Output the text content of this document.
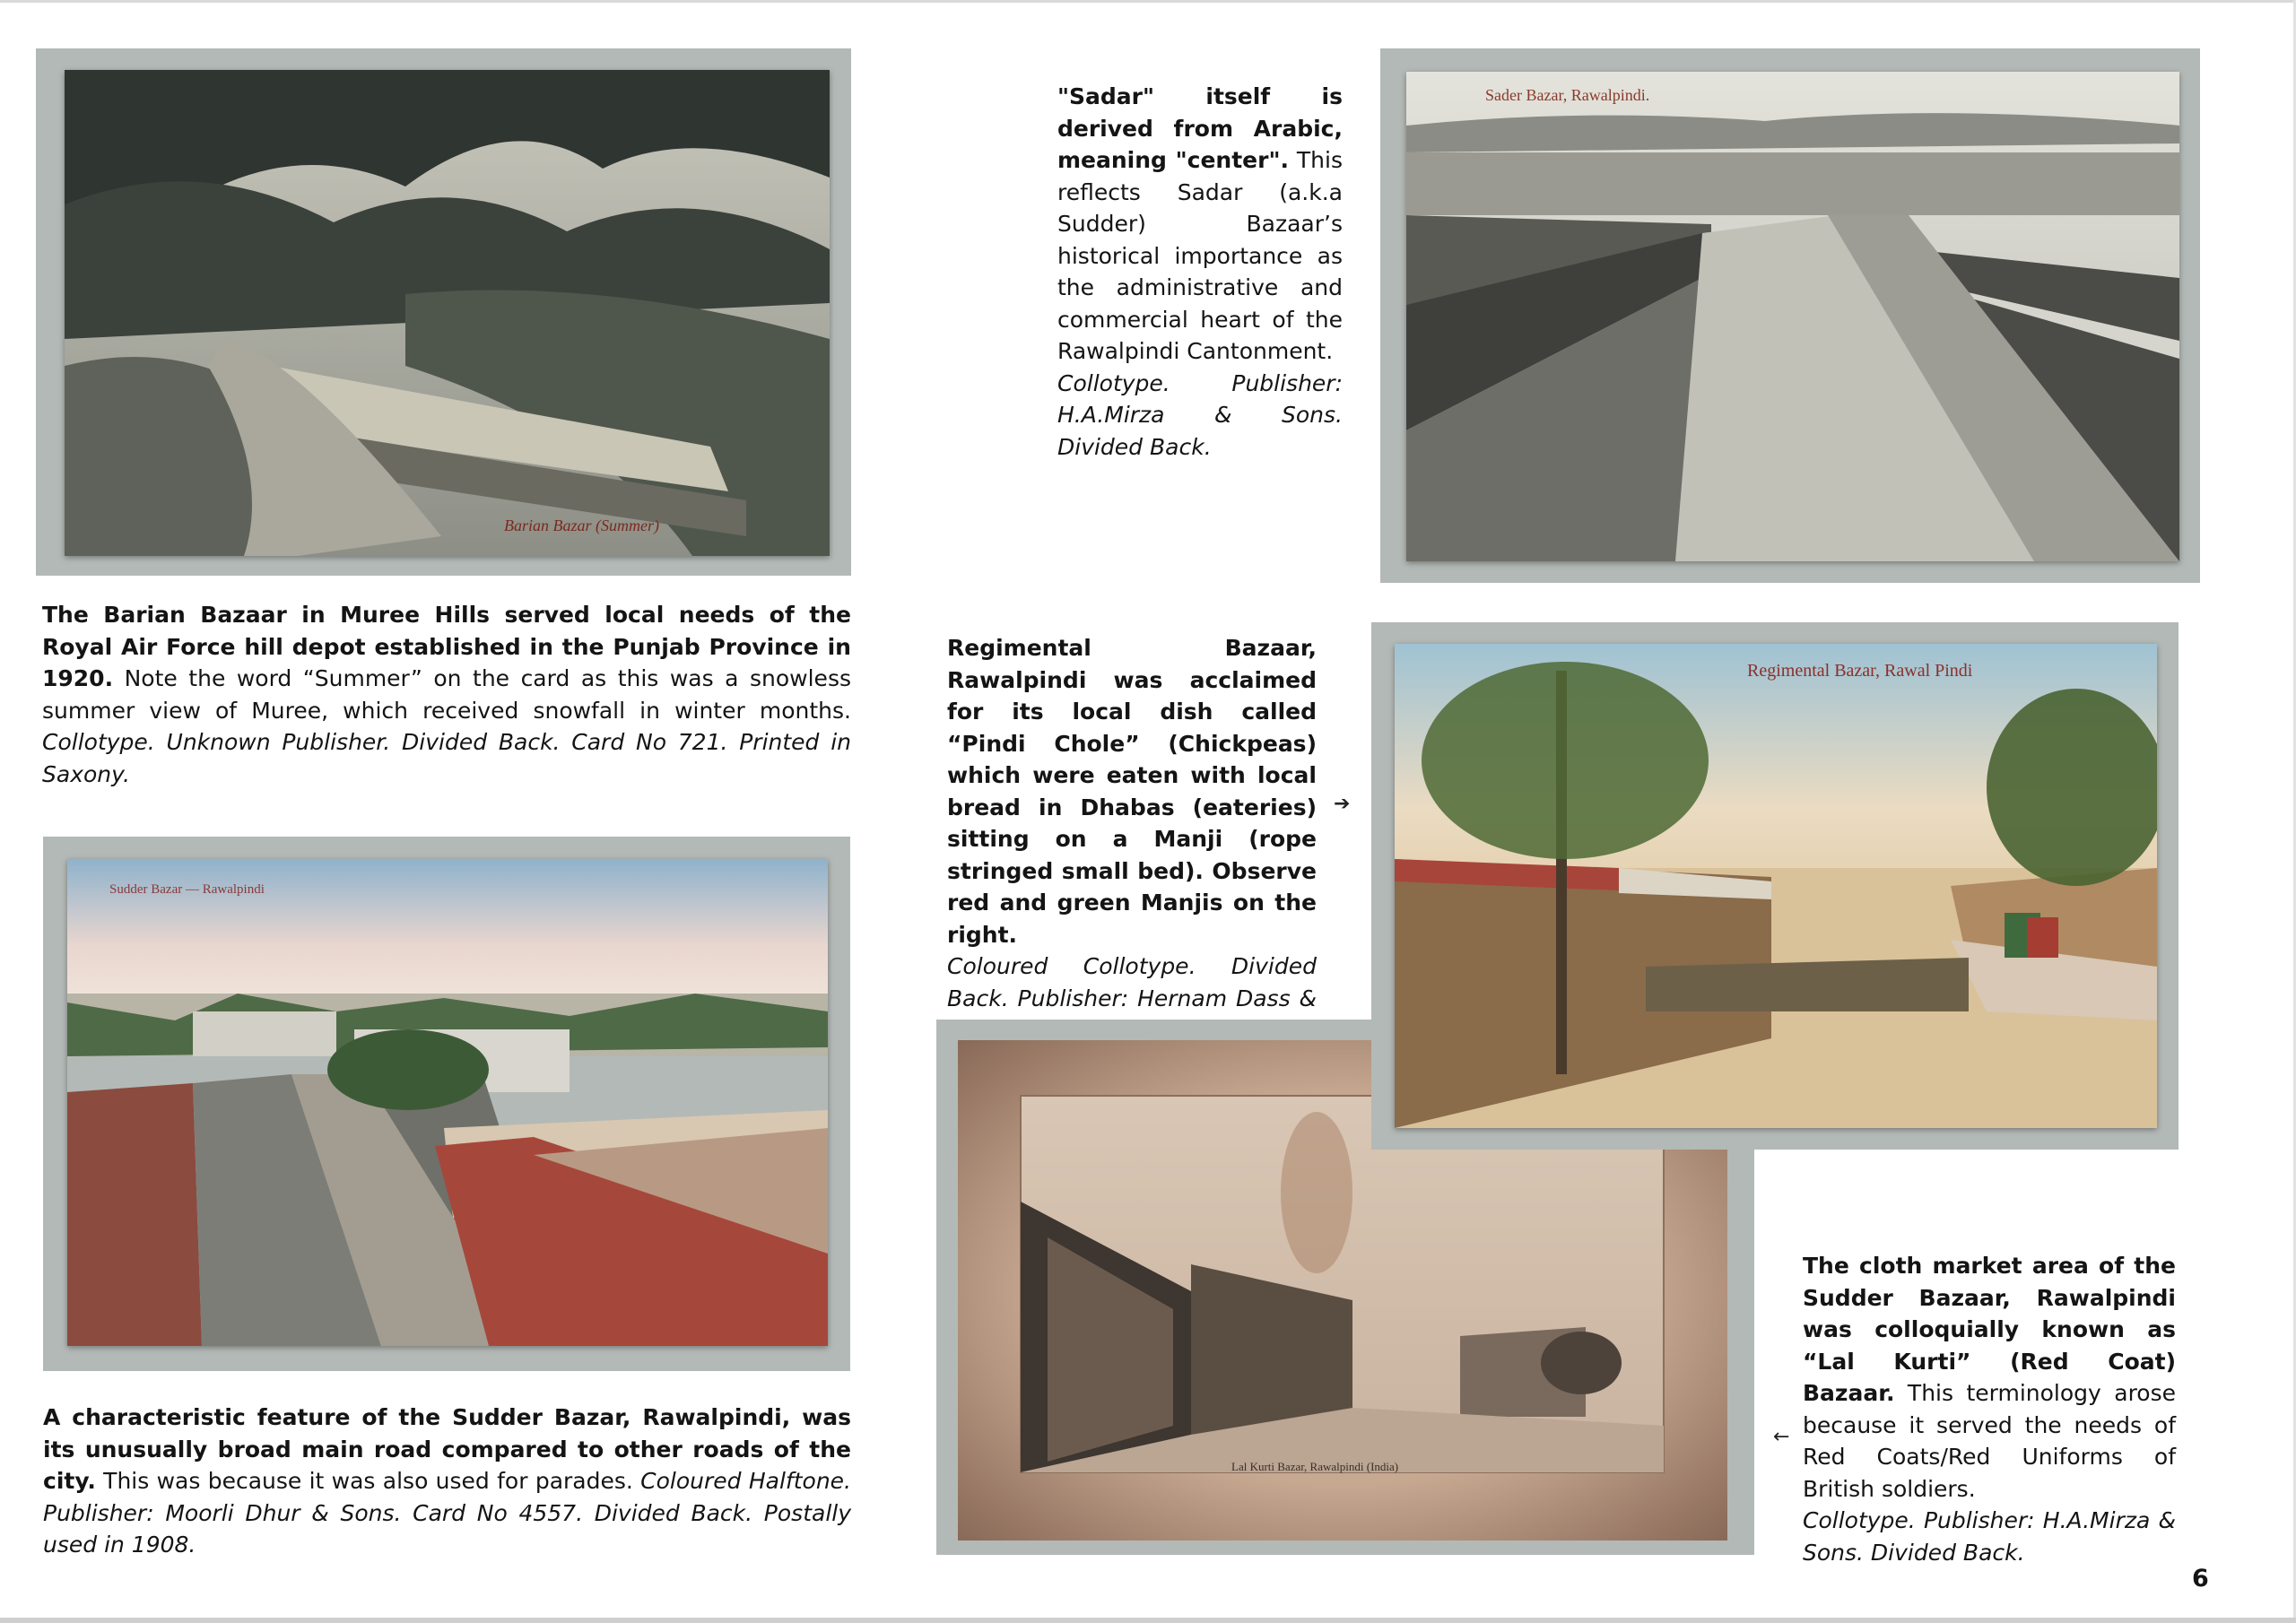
Barian Bazar (Summer)
The Barian Bazaar in Muree Hills served local needs of the Royal Air Force hill depot established in the Punjab Province in 1920. Note the word “Summer” on the card as this was a snowless summer view of Muree, which received snowfall in winter months. Collotype. Unknown Publisher. Divided Back. Card No 721. Printed in Saxony.
"Sadar" itself is derived from Arabic, meaning "center". This reflects Sadar (a.k.a Sudder) Bazaar’s historical importance as the administrative and commercial heart of the Rawalpindi Cantonment.
Collotype. Publisher: H.A.Mirza & Sons. Divided Back.
Sader Bazar, Rawalpindi.
Sudder Bazar — Rawalpindi
A characteristic feature of the Sudder Bazar, Rawalpindi, was its unusually broad main road compared to other roads of the city. This was because it was also used for parades. Coloured Halftone. Publisher: Moorli Dhur & Sons. Card No 4557. Divided Back. Postally used in 1908.
Regimental Bazaar, Rawalpindi was acclaimed for its local dish called “Pindi Chole” (Chickpeas) which were eaten with local bread in Dhabas (eateries) sitting on a Manji (rope stringed small bed). Observe red and green Manjis on the right.
Coloured Collotype. Divided Back. Publisher: Hernam Dass &
➔
Lal Kurti Bazar, Rawalpindi (India)
Regimental Bazar, Rawal Pindi
The cloth market area of the Sudder Bazaar, Rawalpindi was colloquially known as “Lal Kurti” (Red Coat) Bazaar. This terminology arose because it served the needs of Red Coats/Red Uniforms of British soldiers.
Collotype. Publisher: H.A.Mirza & Sons. Divided Back.
←
6
